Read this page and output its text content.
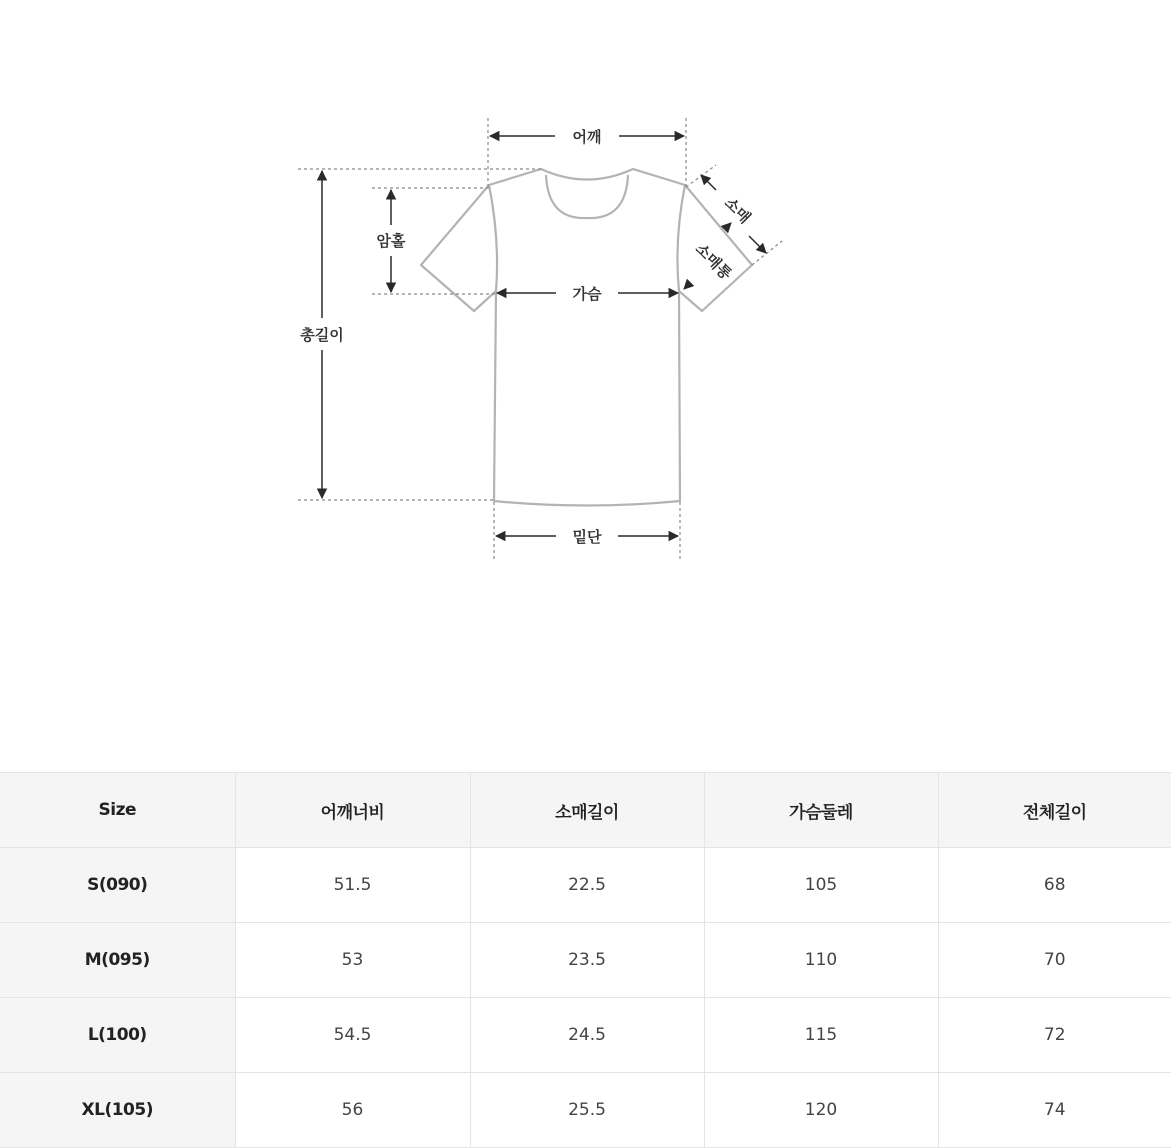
어깨
가슴
밑단
총길이
암홀
소매
소매통
Size	어깨너비	소매길이	가슴둘레	전체길이
S(090)	51.5	22.5	105	68
M(095)	53	23.5	110	70
L(100)	54.5	24.5	115	72
XL(105)	56	25.5	120	74
